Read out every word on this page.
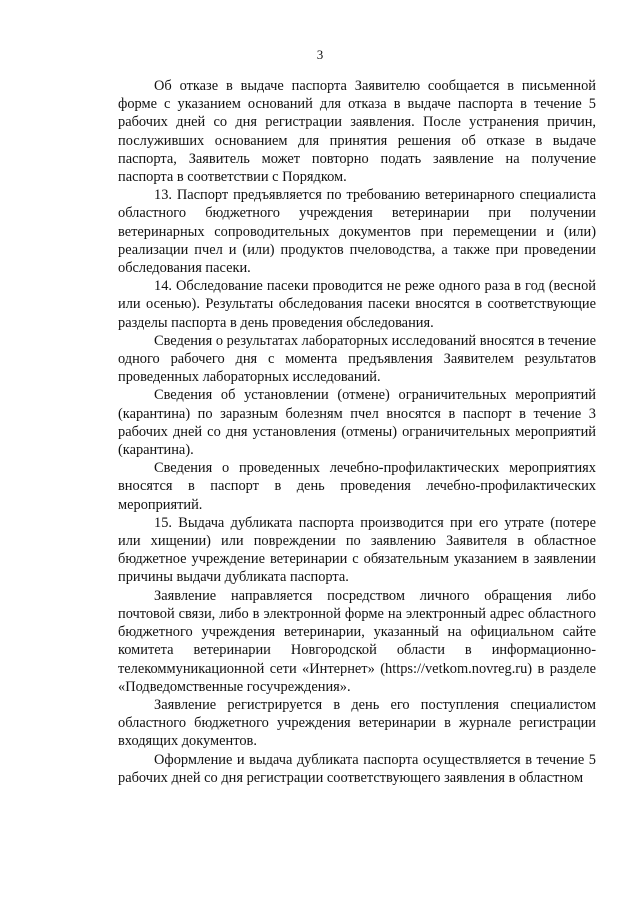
3

Об отказе в выдаче паспорта Заявителю сообщается в письменной форме с указанием оснований для отказа в выдаче паспорта в течение 5 рабочих дней со дня регистрации заявления. После устранения причин, послуживших основанием для принятия решения об отказе в выдаче паспорта, Заявитель может повторно подать заявление на получение паспорта в соответствии с Порядком.

13. Паспорт предъявляется по требованию ветеринарного специалиста областного бюджетного учреждения ветеринарии при получении ветеринарных сопроводительных документов при перемещении и (или) реализации пчел и (или) продуктов пчеловодства, а также при проведении обследования пасеки.

14. Обследование пасеки проводится не реже одного раза в год (весной или осенью). Результаты обследования пасеки вносятся в соответствующие разделы паспорта в день проведения обследования.

Сведения о результатах лабораторных исследований вносятся в течение одного рабочего дня с момента предъявления Заявителем результатов проведенных лабораторных исследований.

Сведения об установлении (отмене) ограничительных мероприятий (карантина) по заразным болезням пчел вносятся в паспорт в течение 3 рабочих дней со дня установления (отмены) ограничительных мероприятий (карантина).

Сведения о проведенных лечебно-профилактических мероприятиях вносятся в паспорт в день проведения лечебно-профилактических мероприятий.

15. Выдача дубликата паспорта производится при его утрате (потере или хищении) или повреждении по заявлению Заявителя в областное бюджетное учреждение ветеринарии с обязательным указанием в заявлении причины выдачи дубликата паспорта.

Заявление направляется посредством личного обращения либо почтовой связи, либо в электронной форме на электронный адрес областного бюджетного учреждения ветеринарии, указанный на официальном сайте комитета ветеринарии Новгородской области в информационно-телекоммуникационной сети «Интернет» (https://vetkom.novreg.ru) в разделе «Подведомственные госучреждения».

Заявление регистрируется в день его поступления специалистом областного бюджетного учреждения ветеринарии в журнале регистрации входящих документов.

Оформление и выдача дубликата паспорта осуществляется в течение 5 рабочих дней со дня регистрации соответствующего заявления в областном
